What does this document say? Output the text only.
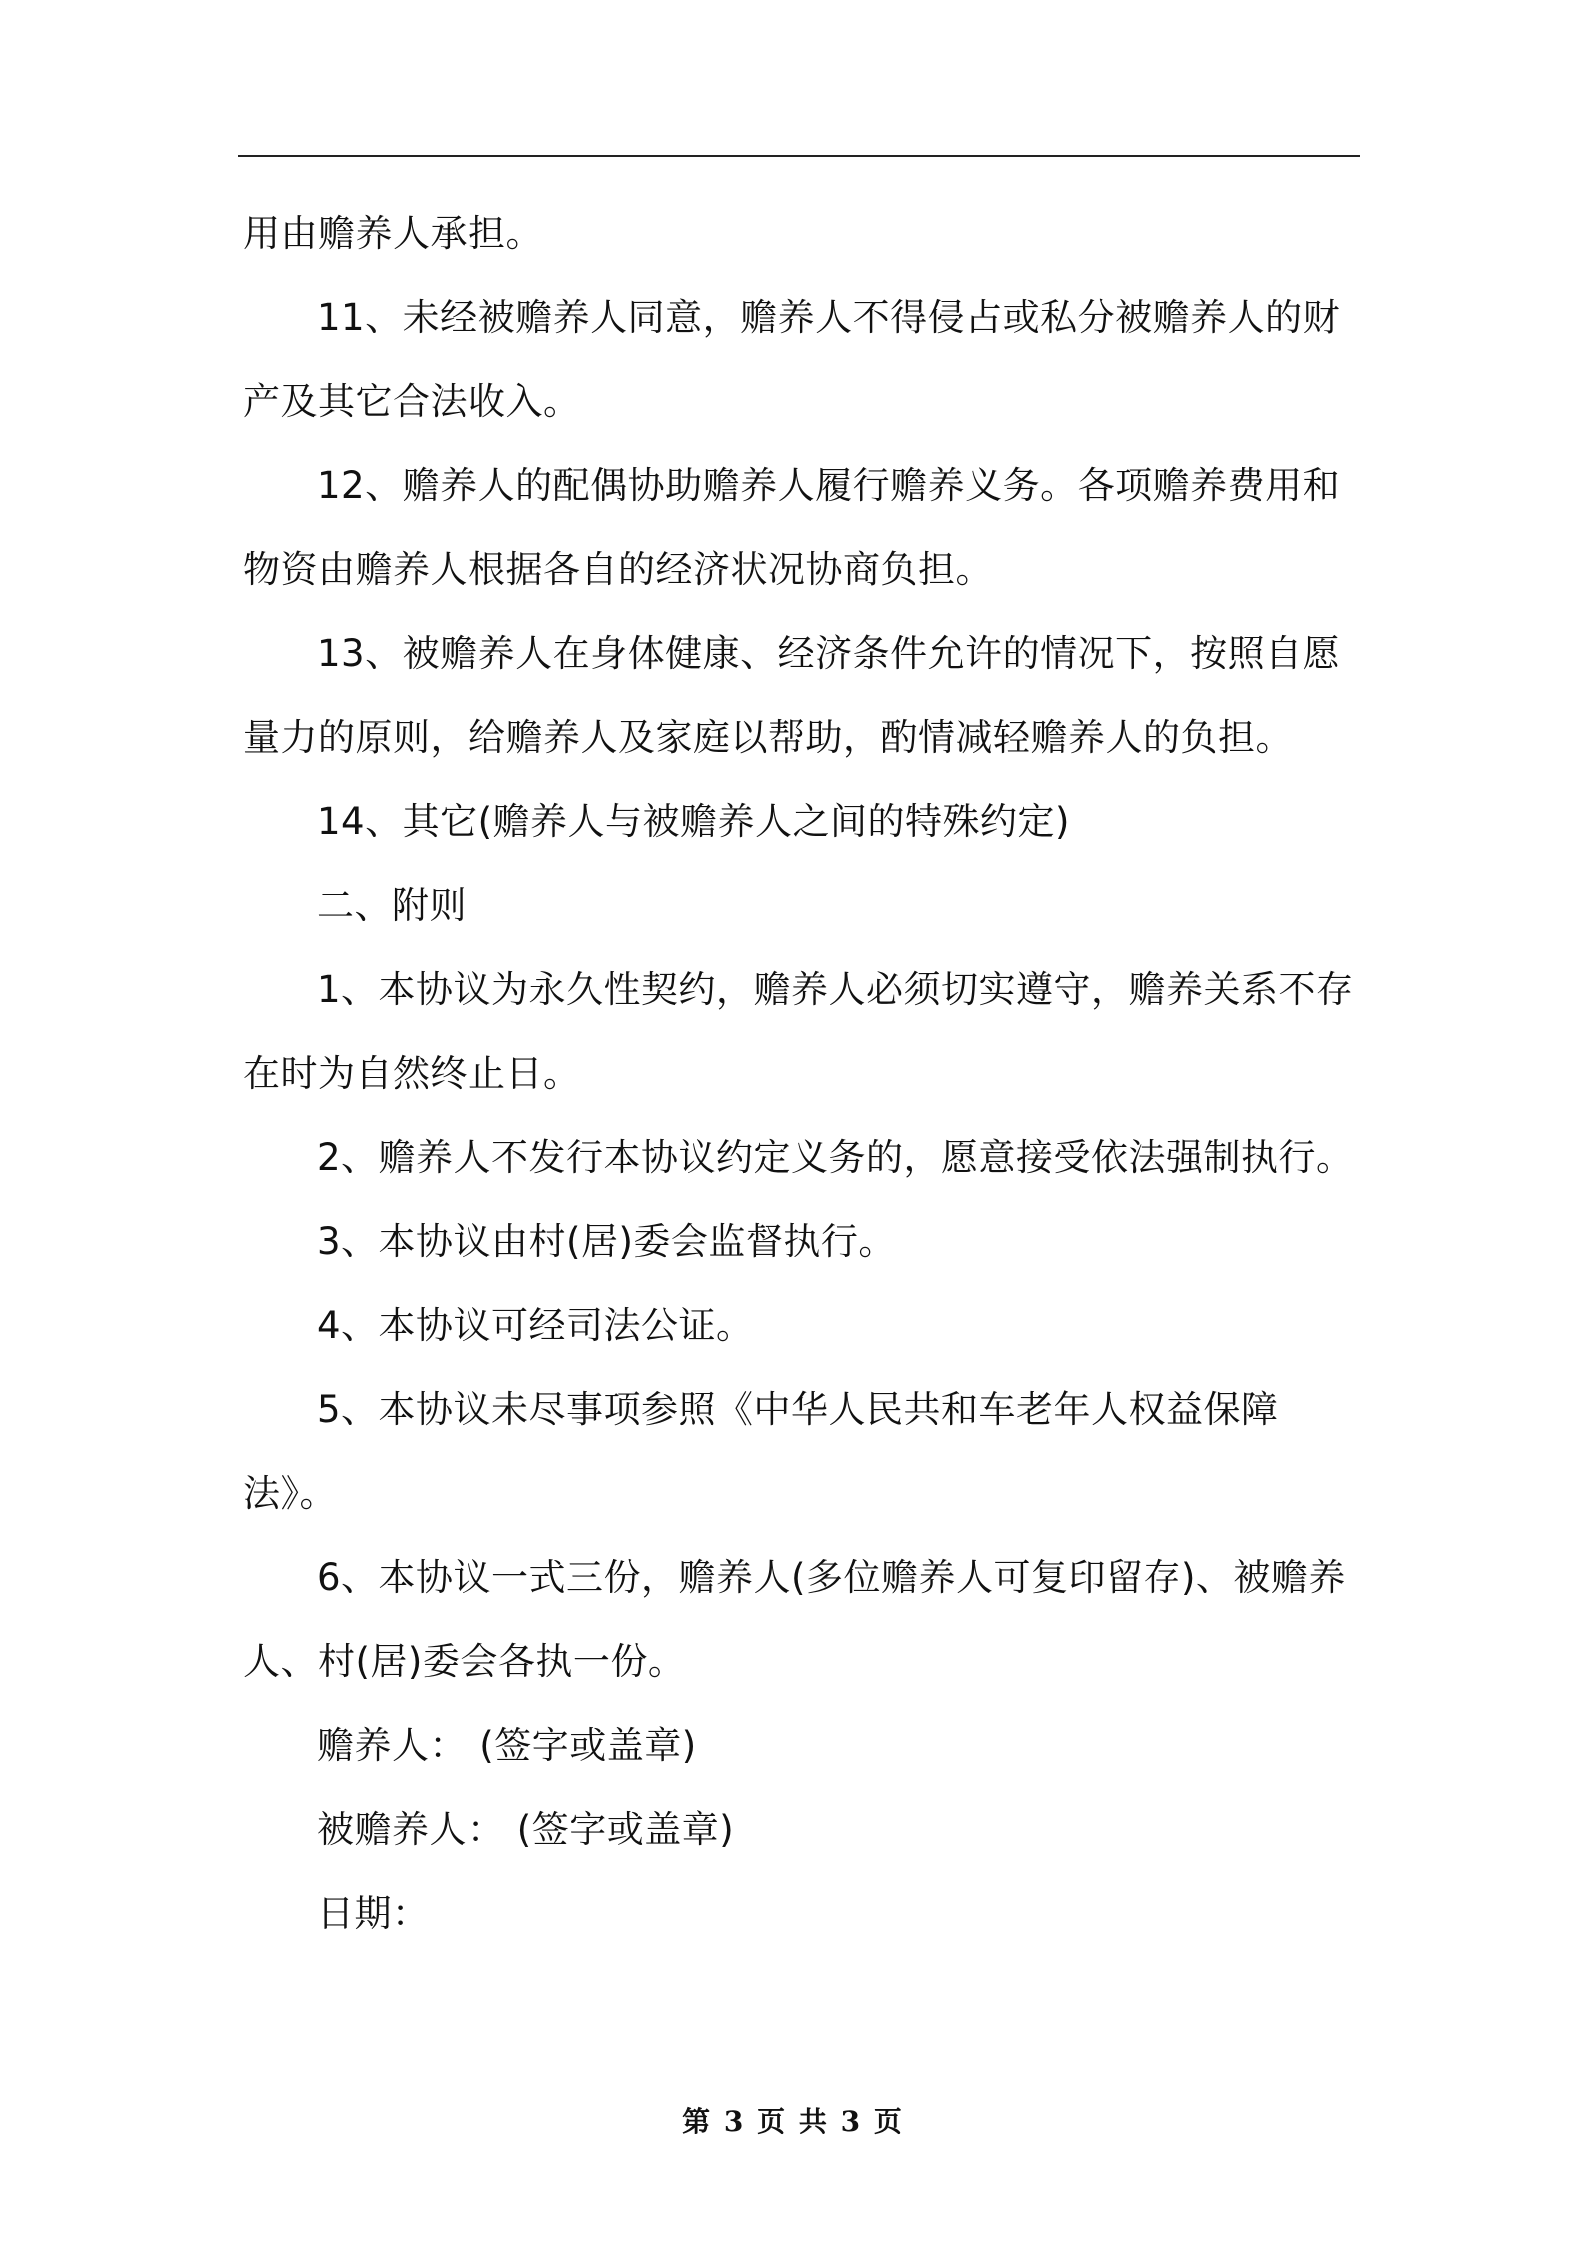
用由赡养人承担。

11、未经被赡养人同意，赡养人不得侵占或私分被赡养人的财产及其它合法收入。

12、赡养人的配偶协助赡养人履行赡养义务。各项赡养费用和物资由赡养人根据各自的经济状况协商负担。

13、被赡养人在身体健康、经济条件允许的情况下，按照自愿量力的原则，给赡养人及家庭以帮助，酌情减轻赡养人的负担。

14、其它(赡养人与被赡养人之间的特殊约定)

二、附则

1、本协议为永久性契约，赡养人必须切实遵守，赡养关系不存在时为自然终止日。

2、赡养人不发行本协议约定义务的，愿意接受依法强制执行。

3、本协议由村(居)委会监督执行。

4、本协议可经司法公证。

5、本协议未尽事项参照《中华人民共和车老年人权益保障法》。

6、本协议一式三份，赡养人(多位赡养人可复印留存)、被赡养人、村(居)委会各执一份。

赡养人： (签字或盖章)

被赡养人： (签字或盖章)

日期：

第 3 页 共 3 页
